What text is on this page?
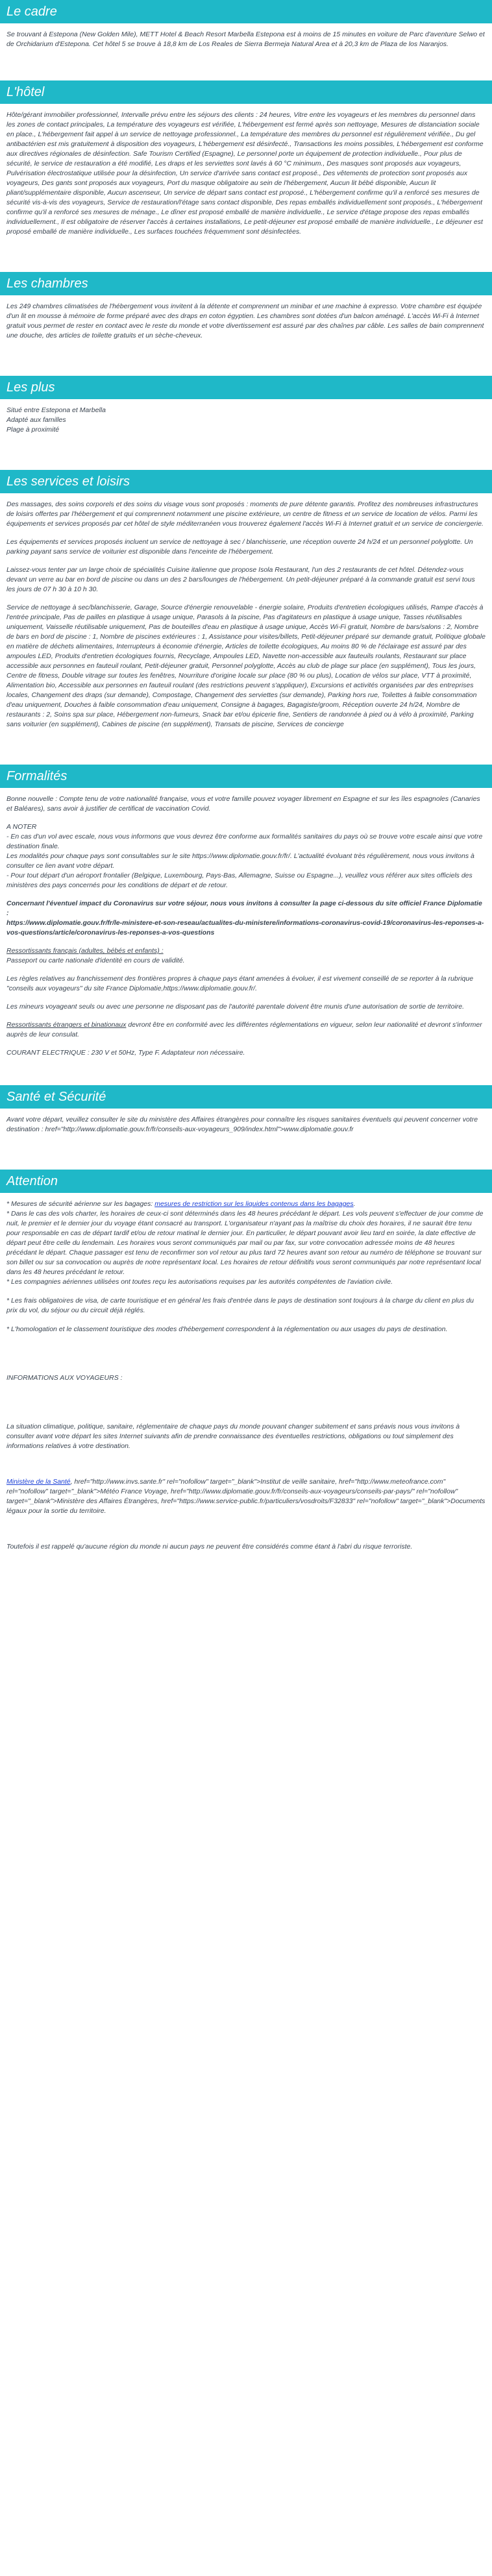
Le cadre

Se trouvant à Estepona (New Golden Mile), METT Hotel & Beach Resort Marbella Estepona est à moins de 15 minutes en voiture de Parc d'aventure Selwo et de Orchidarium d'Estepona. Cet hôtel 5 se trouve à 18,8 km de Los Reales de Sierra Bermeja Natural Area et à 20,3 km de Plaza de los Naranjos.

L'hôtel

Hôte/gérant immobilier professionnel, Intervalle prévu entre les séjours des clients : 24 heures, Vitre entre les voyageurs et les membres du personnel dans les zones de contact principales, La température des voyageurs est vérifiée, L'hébergement est fermé après son nettoyage, Mesures de distanciation sociale en place., L'hébergement fait appel à un service de nettoyage professionnel., La température des membres du personnel est régulièrement vérifiée., Du gel antibactérien est mis gratuitement à disposition des voyageurs, L'hébergement est désinfecté., Transactions les moins possibles, L'hébergement est conforme aux directives régionales de désinfection. Safe Tourism Certified (Espagne), Le personnel porte un équipement de protection individuelle., Pour plus de sécurité, le service de restauration a été modifié, Les draps et les serviettes sont lavés à 60 °C minimum., Des masques sont proposés aux voyageurs, Pulvérisation électrostatique utilisée pour la désinfection, Un service d'arrivée sans contact est proposé., Des vêtements de protection sont proposés aux voyageurs, Des gants sont proposés aux voyageurs, Port du masque obligatoire au sein de l'hébergement, Aucun lit bébé disponible, Aucun lit pliant/supplémentaire disponible, Aucun ascenseur, Un service de départ sans contact est proposé., L'hébergement confirme qu'il a renforcé ses mesures de sécurité vis-à-vis des voyageurs, Service de restauration/l'étage sans contact disponible, Des repas emballés individuellement sont proposés., L'hébergement confirme qu'il a renforcé ses mesures de ménage., Le dîner est proposé emballé de manière individuelle., Le service d'étage propose des repas emballés individuellement., Il est obligatoire de réserver l'accès à certaines installations, Le petit-déjeuner est proposé emballé de manière individuelle., Le déjeuner est proposé emballé de manière individuelle., Les surfaces touchées fréquemment sont désinfectées.

Les chambres

Les 249 chambres climatisées de l'hébergement vous invitent à la détente et comprennent un minibar et une machine à expresso. Votre chambre est équipée d'un lit en mousse à mémoire de forme préparé avec des draps en coton égyptien. Les chambres sont dotées d'un balcon aménagé. L'accès Wi-Fi à Internet gratuit vous permet de rester en contact avec le reste du monde et votre divertissement est assuré par des chaînes par câble. Les salles de bain comprennent une douche, des articles de toilette gratuits et un sèche-cheveux.

Les plus
Situé entre Estepona et Marbella
Adapté aux familles
Plage à proximité
Les services et loisirs

Des massages, des soins corporels et des soins du visage vous sont proposés : moments de pure détente garantis. Profitez des nombreuses infrastructures de loisirs offertes par l'hébergement et qui comprennent notamment une piscine extérieure, un centre de fitness et un service de location de vélos. Parmi les équipements et services proposés par cet hôtel de style méditerranéen vous trouverez également l'accès Wi-Fi à Internet gratuit et un service de conciergerie.

Les équipements et services proposés incluent un service de nettoyage à sec / blanchisserie, une réception ouverte 24 h/24 et un personnel polyglotte. Un parking payant sans service de voiturier est disponible dans l'enceinte de l'hébergement.

Laissez-vous tenter par un large choix de spécialités Cuisine italienne que propose Isola Restaurant, l'un des 2 restaurants de cet hôtel. Détendez-vous devant un verre au bar en bord de piscine ou dans un des 2 bars/lounges de l'hébergement. Un petit-déjeuner préparé à la commande gratuit est servi tous les jours de 07 h 30 à 10 h 30.

Service de nettoyage à sec/blanchisserie, Garage, Source d'énergie renouvelable - énergie solaire, Produits d'entretien écologiques utilisés, Rampe d'accès à l'entrée principale, Pas de pailles en plastique à usage unique, Parasols à la piscine, Pas d'agitateurs en plastique à usage unique, Tasses réutilisables uniquement, Vaisselle réutilisable uniquement, Pas de bouteilles d'eau en plastique à usage unique, Accès Wi-Fi gratuit, Nombre de bars/salons : 2, Nombre de bars en bord de piscine : 1, Nombre de piscines extérieures : 1, Assistance pour visites/billets, Petit-déjeuner préparé sur demande gratuit, Politique globale en matière de déchets alimentaires, Interrupteurs à économie d'énergie, Articles de toilette écologiques, Au moins 80 % de l'éclairage est assuré par des ampoules LED, Produits d'entretien écologiques fournis, Recyclage, Ampoules LED, Navette non-accessible aux fauteuils roulants, Restaurant sur place accessible aux personnes en fauteuil roulant, Petit-déjeuner gratuit, Personnel polyglotte, Accès au club de plage sur place (en supplément), Tous les jours, Centre de fitness, Double vitrage sur toutes les fenêtres, Nourriture d'origine locale sur place (80 % ou plus), Location de vélos sur place, VTT à proximité, Alimentation bio, Accessible aux personnes en fauteuil roulant (des restrictions peuvent s'appliquer), Excursions et activités organisées par des entreprises locales, Changement des draps (sur demande), Compostage, Changement des serviettes (sur demande), Parking hors rue, Toilettes à faible consommation d'eau uniquement, Douches à faible consommation d'eau uniquement, Consigne à bagages, Bagagiste/groom, Réception ouverte 24 h/24, Nombre de restaurants : 2, Soins spa sur place, Hébergement non-fumeurs, Snack bar et/ou épicerie fine, Sentiers de randonnée à pied ou à vélo à proximité, Parking sans voiturier (en supplément), Cabines de piscine (en supplément), Transats de piscine, Services de concierge

Formalités

Bonne nouvelle : Compte tenu de votre nationalité française, vous et votre famille pouvez voyager librement en Espagne et sur les îles espagnoles (Canaries et Baléares), sans avoir à justifier de certificat de vaccination Covid.

A NOTER

- En cas d'un vol avec escale, nous vous informons que vous devrez être conforme aux formalités sanitaires du pays où se trouve votre escale ainsi que votre destination finale.

Les modalités pour chaque pays sont consultables sur le site https://www.diplomatie.gouv.fr/fr/. L'actualité évoluant très régulièrement, nous vous invitons à consulter ce lien avant votre départ.

- Pour tout départ d'un aéroport frontalier (Belgique, Luxembourg, Pays-Bas, Allemagne, Suisse ou Espagne...), veuillez vous référer aux sites officiels des ministères des pays concernés pour les conditions de départ et de retour.

Concernant l'éventuel impact du Coronavirus sur votre séjour, nous vous invitons à consulter la page ci-dessous du site officiel France Diplomatie :

https://www.diplomatie.gouv.fr/fr/le-ministere-et-son-reseau/actualites-du-ministere/informations-coronavirus-covid-19/coronavirus-les-reponses-a-vos-questions/article/coronavirus-les-reponses-a-vos-questions

Ressortissants français (adultes, bébés et enfants) :

Passeport ou carte nationale d'identité en cours de validité.

Les règles relatives au franchissement des frontières propres à chaque pays étant amenées à évoluer, il est vivement conseillé de se reporter à la rubrique "conseils aux voyageurs" du site France Diplomatie,https://www.diplomatie.gouv.fr/.

Les mineurs voyageant seuls ou avec une personne ne disposant pas de l'autorité parentale doivent être munis d'une autorisation de sortie de territoire.

Ressortissants étrangers et binationaux devront être en conformité avec les différentes réglementations en vigueur, selon leur nationalité et devront s'informer auprès de leur consulat.

COURANT ELECTRIQUE : 230 V et 50Hz, Type F. Adaptateur non nécessaire.

Santé et Sécurité

Avant votre départ, veuillez consulter le site du ministère des Affaires étrangères pour connaître les risques sanitaires éventuels qui peuvent concerner votre destination : href="http://www.diplomatie.gouv.fr/fr/conseils-aux-voyageurs_909/index.html">www.diplomatie.gouv.fr

Attention
* Mesures de sécurité aérienne sur les bagages: mesures de restriction sur les liquides contenus dans les bagages.
* Dans le cas des vols charter, les horaires de ceux-ci sont déterminés dans les 48 heures précédant le départ. Les vols peuvent s'effectuer de jour comme de nuit, le premier et le dernier jour du voyage étant consacré au transport. L'organisateur n'ayant pas la maîtrise du choix des horaires, il ne saurait être tenu pour responsable en cas de départ tardif et/ou de retour matinal le dernier jour. En particulier, le départ pouvant avoir lieu tard en soirée, la date effective de départ peut être celle du lendemain. Les horaires vous seront communiqués par mail ou par fax, sur votre convocation adressée moins de 48 heures précédant le départ. Chaque passager est tenu de reconfirmer son vol retour au plus tard 72 heures avant son retour au numéro de téléphone se trouvant sur son billet ou sur sa convocation ou auprès de notre représentant local. Les horaires de retour définitifs vous seront communiqués par notre représentant local dans les 48 heures précédant le retour.
* Les compagnies aériennes utilisées ont toutes reçu les autorisations requises par les autorités compétentes de l'aviation civile.
* Les frais obligatoires de visa, de carte touristique et en général les frais d'entrée dans le pays de destination sont toujours à la charge du client en plus du prix du vol, du séjour ou du circuit déjà réglés.
* L'homologation et le classement touristique des modes d'hébergement correspondent à la réglementation ou aux usages du pays de destination.
INFORMATIONS AUX VOYAGEURS :
La situation climatique, politique, sanitaire, réglementaire de chaque pays du monde pouvant changer subitement et sans préavis nous vous invitons à consulter avant votre départ les sites Internet suivants afin de prendre connaissance des éventuelles restrictions, obligations ou tout simplement des informations relatives à votre destination.
Ministère de la Santé, href="http://www.invs.sante.fr" rel="nofollow" target="_blank">Institut de veille sanitaire, href="http://www.meteofrance.com" rel="nofollow" target="_blank">Météo France Voyage, href="http://www.diplomatie.gouv.fr/fr/conseils-aux-voyageurs/conseils-par-pays/" rel="nofollow" target="_blank">Ministère des Affaires Étrangères, href="https://www.service-public.fr/particuliers/vosdroits/F32833" rel="nofollow" target="_blank">Documents légaux pour la sortie du territoire.
Toutefois il est rappelé qu'aucune région du monde ni aucun pays ne peuvent être considérés comme étant à l'abri du risque terroriste.
